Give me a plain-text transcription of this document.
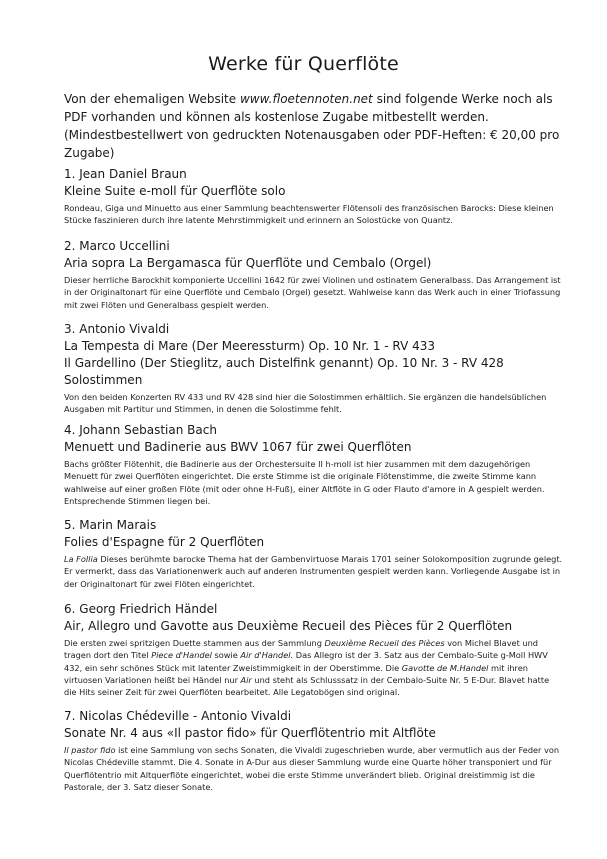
Werke für Querflöte
Von der ehemaligen Website www.floetennoten.net sind folgende Werke noch als PDF vorhanden und können als kostenlose Zugabe mitbestellt werden.
(Mindestbestellwert von gedruckten Notenausgaben oder PDF-Heften: € 20,00 pro Zugabe)
1. Jean Daniel Braun
Kleine Suite e-moll für Querflöte solo
Rondeau, Giga und Minuetto aus einer Sammlung beachtenswerter Flötensoli des französischen Barocks: Diese kleinen Stücke faszinieren durch ihre latente Mehrstimmigkeit und erinnern an Solostücke von Quantz.
2. Marco Uccellini
Aria sopra La Bergamasca für Querflöte und Cembalo (Orgel)
Dieser herrliche Barockhit komponierte Uccellini 1642 für zwei Violinen und ostinatem Generalbass. Das Arrangement ist in der Originaltonart für eine Querflöte und Cembalo (Orgel) gesetzt. Wahlweise kann das Werk auch in einer Triofassung mit zwei Flöten und Generalbass gespielt werden.
3. Antonio Vivaldi
La Tempesta di Mare (Der Meeressturm) Op. 10 Nr. 1 - RV 433
Il Gardellino (Der Stieglitz, auch Distelfink genannt) Op. 10 Nr. 3 - RV 428
Solostimmen
Von den beiden Konzerten RV 433 und RV 428 sind hier die Solostimmen erhältlich. Sie ergänzen die handelsüblichen Ausgaben mit Partitur und Stimmen, in denen die Solostimme fehlt.
4. Johann Sebastian Bach
Menuett und Badinerie aus BWV 1067 für zwei Querflöten
Bachs größter Flötenhit, die Badinerie aus der Orchestersuite II h-moll ist hier zusammen mit dem dazugehörigen Menuett für zwei Querflöten eingerichtet. Die erste Stimme ist die originale Flötenstimme, die zweite Stimme kann wahlweise auf einer großen Flöte (mit oder ohne H-Fuß), einer Altflöte in G oder Flauto d'amore in A gespielt werden. Entsprechende Stimmen liegen bei.
5. Marin Marais
Folies d'Espagne für 2 Querflöten
La Follia Dieses berühmte barocke Thema hat der Gambenvirtuose Marais 1701 seiner Solokomposition zugrunde gelegt. Er vermerkt, dass das Variationenwerk auch auf anderen Instrumenten gespielt werden kann. Vorliegende Ausgabe ist in der Originaltonart für zwei Flöten eingerichtet.
6. Georg Friedrich Händel
Air, Allegro und Gavotte aus Deuxième Recueil des Pièces für 2 Querflöten
Die ersten zwei spritzigen Duette stammen aus der Sammlung Deuxième Recueil des Pièces von Michel Blavet und tragen dort den Titel Piece d'Handel sowie Air d'Handel. Das Allegro ist der 3. Satz aus der Cembalo-Suite g-Moll HWV 432, ein sehr schönes Stück mit latenter Zweistimmigkeit in der Oberstimme. Die Gavotte de M.Handel mit ihren virtuosen Variationen heißt bei Händel nur Air und steht als Schlusssatz in der Cembalo-Suite Nr. 5 E-Dur. Blavet hatte die Hits seiner Zeit für zwei Querflöten bearbeitet. Alle Legatobögen sind original.
7. Nicolas Chédeville - Antonio Vivaldi
Sonate Nr. 4 aus «Il pastor fido» für Querflötentrio mit Altflöte
Il pastor fido ist eine Sammlung von sechs Sonaten, die Vivaldi zugeschrieben wurde, aber vermutlich aus der Feder von Nicolas Chédeville stammt. Die 4. Sonate in A-Dur aus dieser Sammlung wurde eine Quarte höher transponiert und für Querflötentrio mit Altquerflöte eingerichtet, wobei die erste Stimme unverändert blieb. Original dreistimmig ist die Pastorale, der 3. Satz dieser Sonate.
